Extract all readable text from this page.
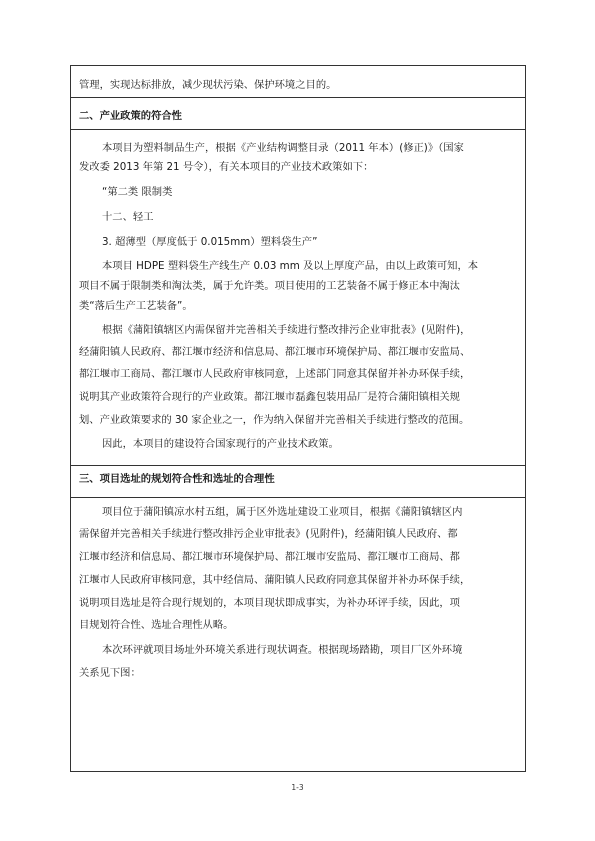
管理，实现达标排放，减少现状污染、保护环境之目的。
二、产业政策的符合性
本项目为塑料制品生产，根据《产业结构调整目录（2011 年本）(修正)》（国家
发改委 2013 年第 21 号令），有关本项目的产业技术政策如下：
“第二类 限制类
十二、轻工
3. 超薄型（厚度低于 0.015mm）塑料袋生产”
本项目 HDPE 塑料袋生产线生产 0.03 mm 及以上厚度产品，由以上政策可知，本
项目不属于限制类和淘汰类，属于允许类。项目使用的工艺装备不属于修正本中淘汰
类“落后生产工艺装备”。
根据《蒲阳镇辖区内需保留并完善相关手续进行整改排污企业审批表》(见附件)，
经蒲阳镇人民政府、都江堰市经济和信息局、都江堰市环境保护局、都江堰市安监局、
都江堰市工商局、都江堰市人民政府审核同意，上述部门同意其保留并补办环保手续，
说明其产业政策符合现行的产业政策。都江堰市磊鑫包装用品厂是符合蒲阳镇相关规
划、产业政策要求的 30 家企业之一，作为纳入保留并完善相关手续进行整改的范围。
因此，本项目的建设符合国家现行的产业技术政策。
三、项目选址的规划符合性和选址的合理性
项目位于蒲阳镇凉水村五组，属于区外选址建设工业项目，根据《蒲阳镇辖区内
需保留并完善相关手续进行整改排污企业审批表》(见附件)，经蒲阳镇人民政府、都
江堰市经济和信息局、都江堰市环境保护局、都江堰市安监局、都江堰市工商局、都
江堰市人民政府审核同意，其中经信局、蒲阳镇人民政府同意其保留并补办环保手续，
说明项目选址是符合现行规划的，本项目现状即成事实，为补办环评手续，因此，项
目规划符合性、选址合理性从略。
本次环评就项目场址外环境关系进行现状调查。根据现场踏勘，项目厂区外环境
关系见下图：
1-3
